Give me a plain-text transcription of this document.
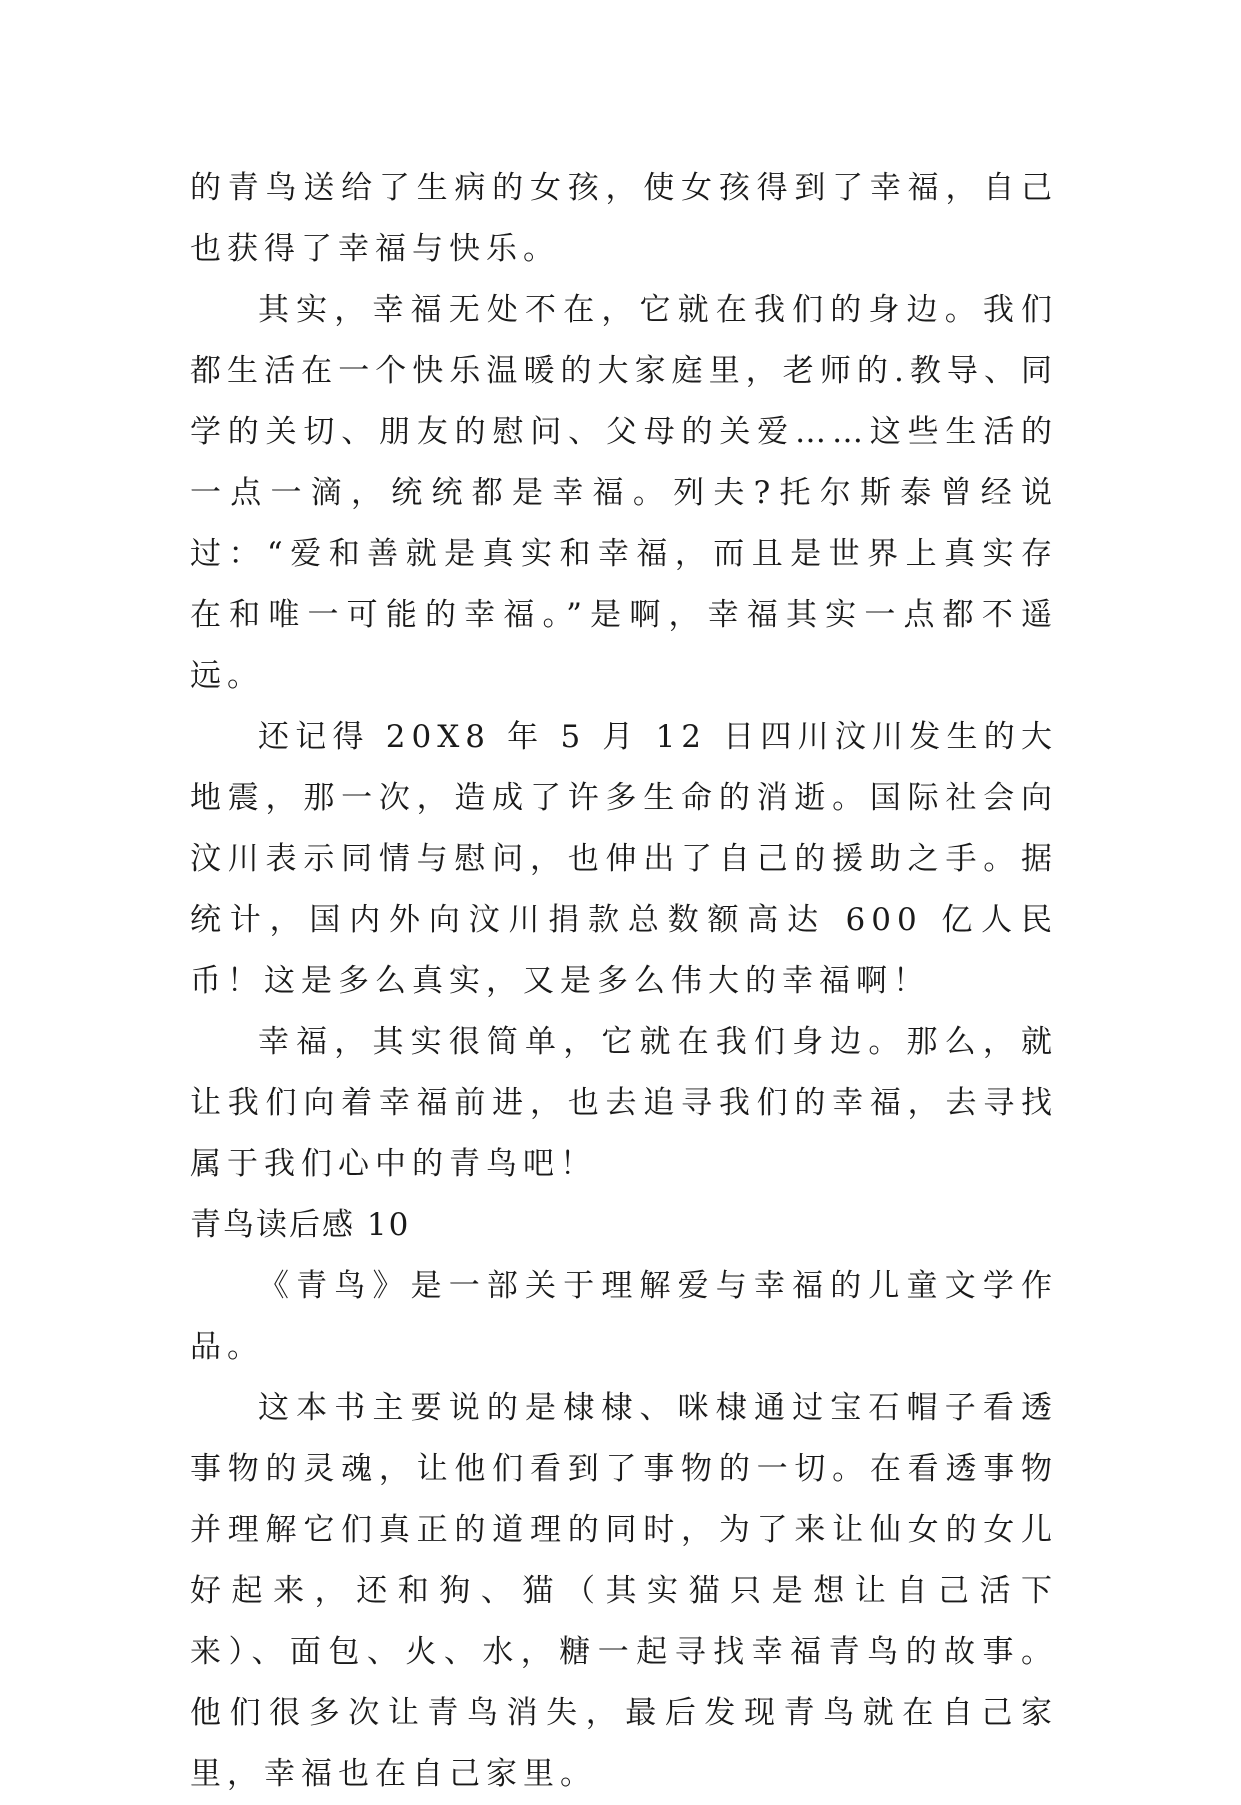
的青鸟送给了生病的女孩，使女孩得到了幸福，自己也获得了幸福与快乐。

其实，幸福无处不在，它就在我们的身边。我们都生活在一个快乐温暖的大家庭里，老师的.教导、同学的关切、朋友的慰问、父母的关爱……这些生活的一点一滴，统统都是幸福。列夫?托尔斯泰曾经说过：“爱和善就是真实和幸福，而且是世界上真实存在和唯一可能的幸福。”是啊，幸福其实一点都不遥远。

还记得 20X8 年 5 月 12 日四川汶川发生的大地震，那一次，造成了许多生命的消逝。国际社会向汶川表示同情与慰问，也伸出了自己的援助之手。据统计，国内外向汶川捐款总数额高达 600 亿人民币！这是多么真实，又是多么伟大的幸福啊！

幸福，其实很简单，它就在我们身边。那么，就让我们向着幸福前进，也去追寻我们的幸福，去寻找属于我们心中的青鸟吧！

青鸟读后感 10

《青鸟》是一部关于理解爱与幸福的儿童文学作品。

这本书主要说的是棣棣、咪棣通过宝石帽子看透事物的灵魂，让他们看到了事物的一切。在看透事物并理解它们真正的道理的同时，为了来让仙女的女儿好起来，还和狗、猫（其实猫只是想让自己活下来）、面包、火、水，糖一起寻找幸福青鸟的故事。他们很多次让青鸟消失，最后发现青鸟就在自己家里，幸福也在自己家里。
